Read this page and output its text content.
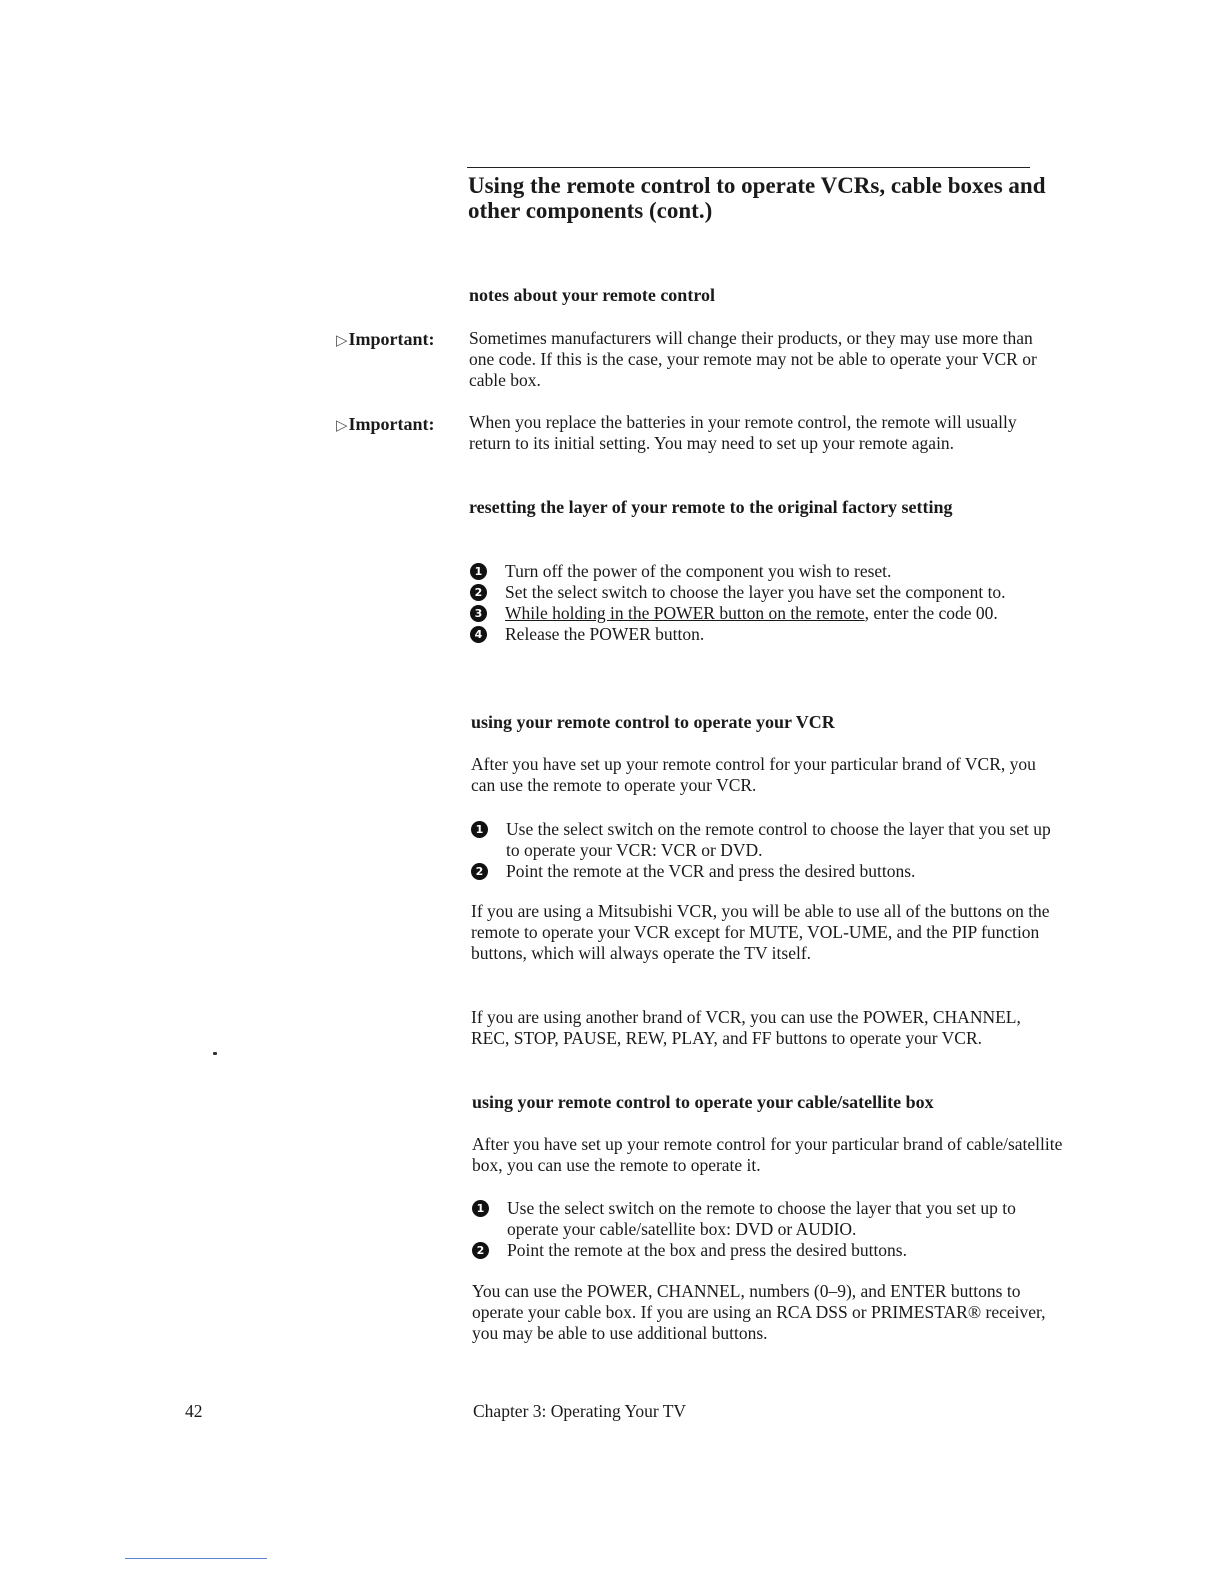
Using the remote control to operate VCRs, cable boxes and other components (cont.)
notes about your remote control
▷Important: Sometimes manufacturers will change their products, or they may use more than one code. If this is the case, your remote may not be able to operate your VCR or cable box.
▷Important: When you replace the batteries in your remote control, the remote will usually return to its initial setting. You may need to set up your remote again.
resetting the layer of your remote to the original factory setting
1 Turn off the power of the component you wish to reset.
2 Set the select switch to choose the layer you have set the component to.
3 While holding in the POWER button on the remote, enter the code 00.
4 Release the POWER button.
using your remote control to operate your VCR
After you have set up your remote control for your particular brand of VCR, you can use the remote to operate your VCR.
1 Use the select switch on the remote control to choose the layer that you set up to operate your VCR: VCR or DVD.
2 Point the remote at the VCR and press the desired buttons.
If you are using a Mitsubishi VCR, you will be able to use all of the buttons on the remote to operate your VCR except for MUTE, VOL-UME, and the PIP function buttons, which will always operate the TV itself.
If you are using another brand of VCR, you can use the POWER, CHANNEL, REC, STOP, PAUSE, REW, PLAY, and FF buttons to operate your VCR.
using your remote control to operate your cable/satellite box
After you have set up your remote control for your particular brand of cable/satellite box, you can use the remote to operate it.
1 Use the select switch on the remote to choose the layer that you set up to operate your cable/satellite box: DVD or AUDIO.
2 Point the remote at the box and press the desired buttons.
You can use the POWER, CHANNEL, numbers (0–9), and ENTER buttons to operate your cable box. If you are using an RCA DSS or PRIMESTAR® receiver, you may be able to use additional buttons.
42	Chapter 3: Operating Your TV
